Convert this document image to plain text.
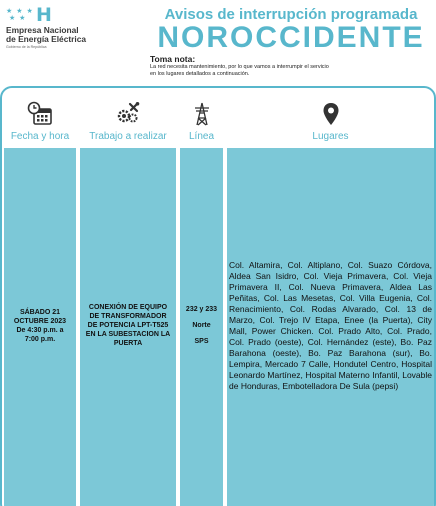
★ ★ ★
★ ★ H
Empresa Nacional
de Energía Eléctrica
Gobierno de la República
Avisos de interrupción programada
NOROCCIDENTE
Toma nota:
La red necesita mantenimiento, por lo que vamos a interrumpir el servicio
en los lugares detallados a continuación.
Fecha y hora
SÁBADO 21
OCTUBRE 2023
De 4:30 p.m. a
7:00 p.m.
Trabajo a realizar
CONEXIÓN DE EQUIPO DE TRANSFORMADOR DE POTENCIA LPT-T525 EN LA SUBESTACION LA PUERTA
Línea
232 y 233
Norte
SPS
Lugares
Col. Altamira, Col. Altiplano, Col. Suazo Córdova, Aldea San Isidro, Col. Vieja Primavera, Col. Vieja Primavera II, Col. Nueva Primavera, Aldea Las Peñitas, Col. Las Mesetas, Col. Villa Eugenia, Col. Renacimiento, Col. Rodas Alvarado, Col. 13 de Marzo, Col. Trejo IV Etapa, Enee (la Puerta), City Mall, Power Chicken. Col. Prado Alto, Col. Prado, Col. Prado (oeste), Col. Hernández (este), Bo. Paz Barahona (oeste), Bo. Paz Barahona (sur), Bo. Lempira, Mercado 7 Calle, Hondutel Centro, Hospital Leonardo Martínez, Hospital Materno Infantil, Lovable de Honduras, Embotelladora De Sula (pepsi)
